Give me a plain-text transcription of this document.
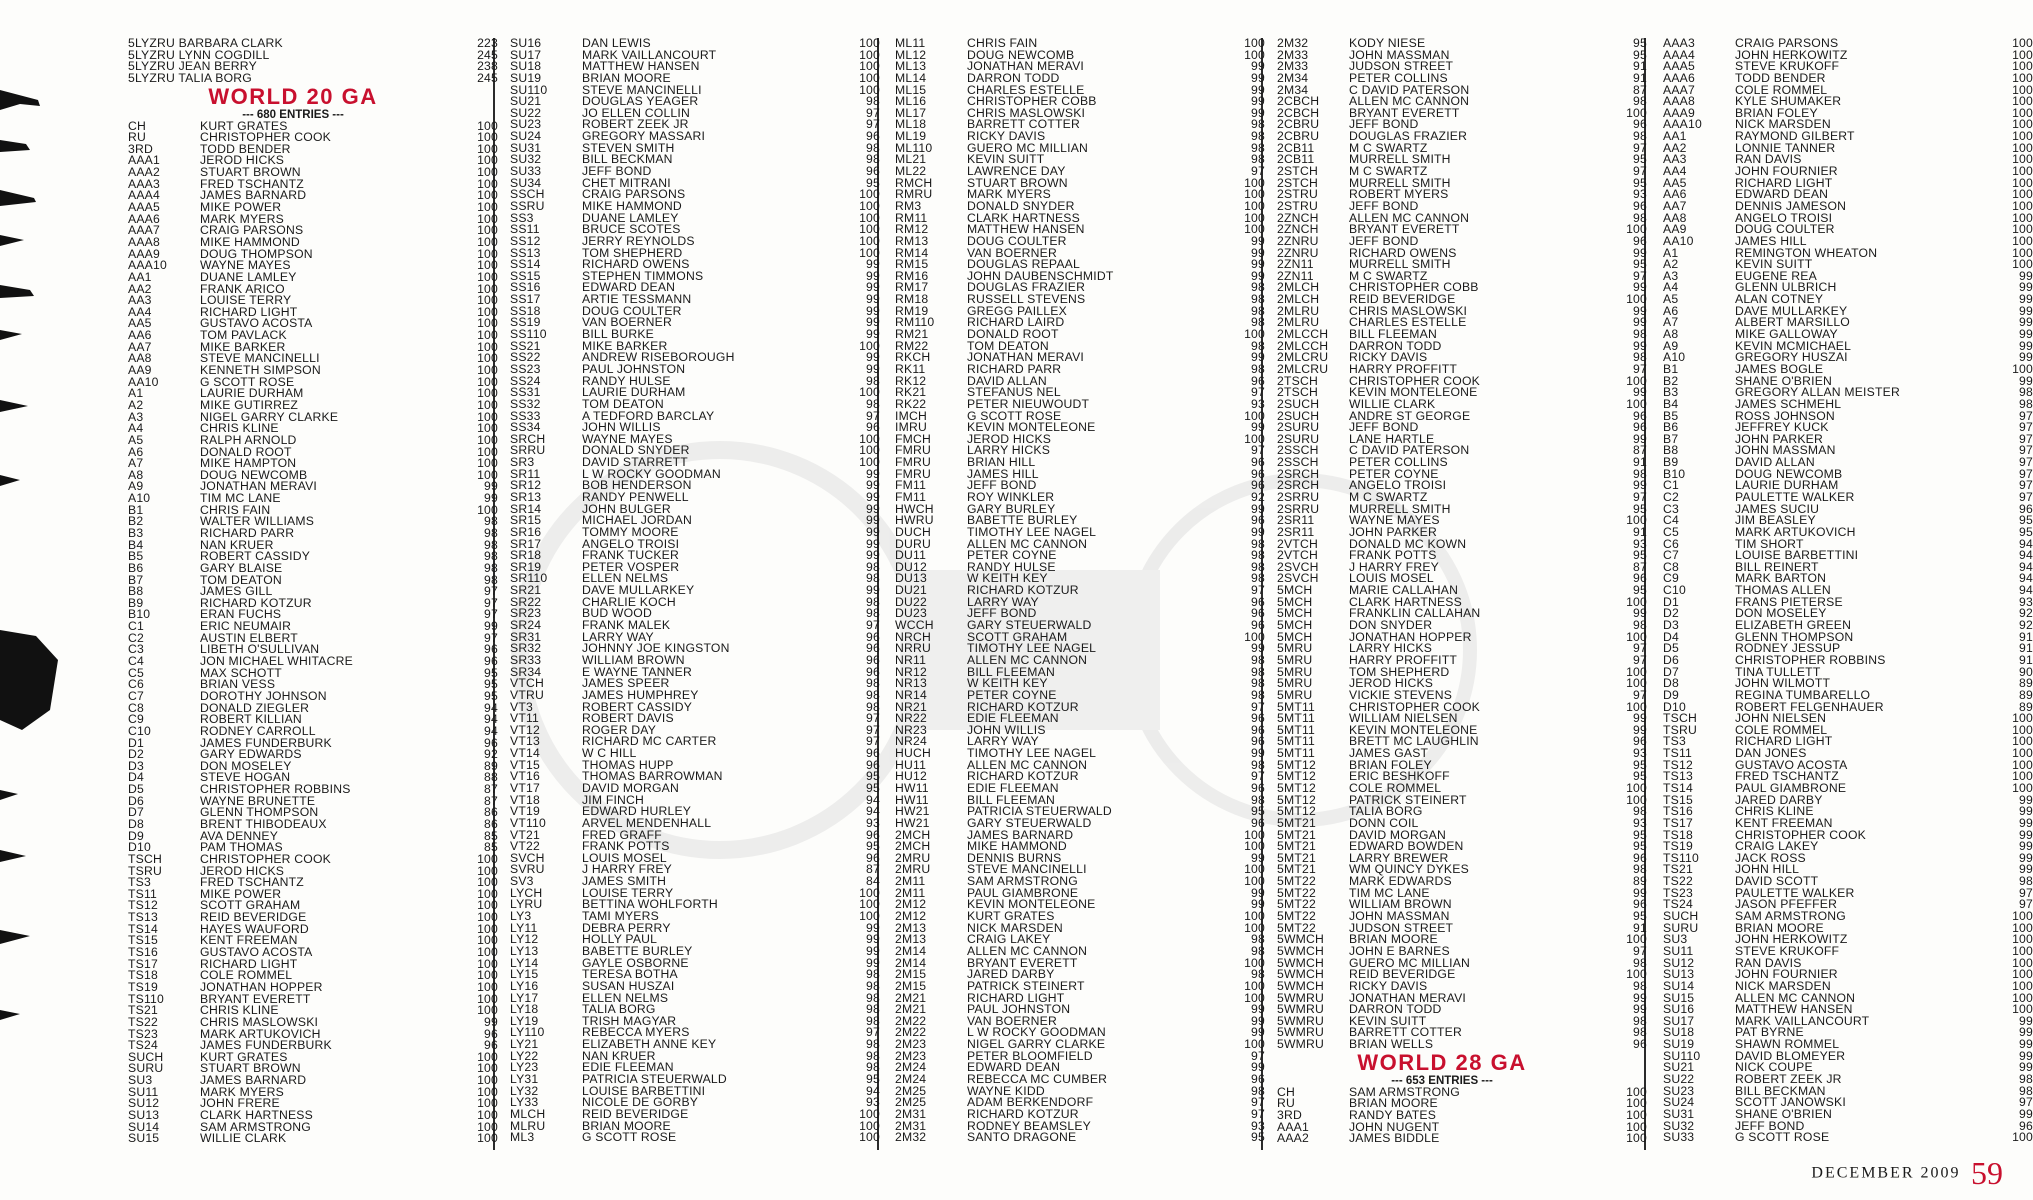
5LYZRU BARBARA CLARK	223
5LYZRU LYNN COGDILL	245
5LYZRU JEAN BERRY	238
5LYZRU TALIA BORG	245
WORLD 20 GA
--- 680 ENTRIES ---
CH	KURT GRATES	100
RU	CHRISTOPHER COOK	100
3RD	TODD BENDER	100
AAA1	JEROD HICKS	100
AAA2	STUART BROWN	100
AAA3	FRED TSCHANTZ	100
AAA4	JAMES BARNARD	100
AAA5	MIKE POWER	100
AAA6	MARK MYERS	100
AAA7	CRAIG PARSONS	100
AAA8	MIKE HAMMOND	100
AAA9	DOUG THOMPSON	100
AAA10	WAYNE MAYES	100
AA1	DUANE LAMLEY	100
AA2	FRANK ARICO	100
AA3	LOUISE TERRY	100
AA4	RICHARD LIGHT	100
AA5	GUSTAVO ACOSTA	100
AA6	TOM PAVLACK	100
AA7	MIKE BARKER	100
AA8	STEVE MANCINELLI	100
AA9	KENNETH SIMPSON	100
AA10	G SCOTT ROSE	100
A1	LAURIE DURHAM	100
A2	MIKE GUTIRREZ	100
A3	NIGEL GARRY CLARKE	100
A4	CHRIS KLINE	100
A5	RALPH ARNOLD	100
A6	DONALD ROOT	100
A7	MIKE HAMPTON	100
A8	DOUG NEWCOMB	100
A9	JONATHAN MERAVI	99
A10	TIM MC LANE	99
B1	CHRIS FAIN	100
B2	WALTER WILLIAMS	98
B3	RICHARD PARR	98
B4	NAN KRUER	98
B5	ROBERT CASSIDY	98
B6	GARY BLAISE	98
B7	TOM DEATON	98
B8	JAMES GILL	97
B9	RICHARD KOTZUR	97
B10	ERAN FUCHS	97
C1	ERIC NEUMAIR	99
C2	AUSTIN ELBERT	97
C3	LIBETH O'SULLIVAN	96
C4	JON MICHAEL WHITACRE	96
C5	MAX SCHOTT	95
C6	BRIAN VESS	95
C7	DOROTHY JOHNSON	95
C8	DONALD ZIEGLER	94
C9	ROBERT KILLIAN	94
C10	RODNEY CARROLL	94
D1	JAMES FUNDERBURK	96
D2	GARY EDWARDS	92
D3	DON MOSELEY	89
D4	STEVE HOGAN	88
D5	CHRISTOPHER ROBBINS	87
D6	WAYNE BRUNETTE	87
D7	GLENN THOMPSON	86
D8	BRENT THIBODEAUX	86
D9	AVA DENNEY	85
D10	PAM THOMAS	85
TSCH	CHRISTOPHER COOK	100
TSRU	JEROD HICKS	100
TS3	FRED TSCHANTZ	100
TS11	MIKE POWER	100
TS12	SCOTT GRAHAM	100
TS13	REID BEVERIDGE	100
TS14	HAYES WAUFORD	100
TS15	KENT FREEMAN	100
TS16	GUSTAVO ACOSTA	100
TS17	RICHARD LIGHT	100
TS18	COLE ROMMEL	100
TS19	JONATHAN HOPPER	100
TS110	BRYANT EVERETT	100
TS21	CHRIS KLINE	100
TS22	CHRIS MASLOWSKI	99
TS23	MARK ARTUKOVICH	96
TS24	JAMES FUNDERBURK	96
SUCH	KURT GRATES	100
SURU	STUART BROWN	100
SU3	JAMES BARNARD	100
SU11	MARK MYERS	100
SU12	JOHN FRERE	100
SU13	CLARK HARTNESS	100
SU14	SAM ARMSTRONG	100
SU15	WILLIE CLARK	100
SU16	DAN LEWIS	100
SU17	MARK VAILLANCOURT	100
SU18	MATTHEW HANSEN	100
SU19	BRIAN MOORE	100
SU110	STEVE MANCINELLI	100
SU21	DOUGLAS YEAGER	98
SU22	JO ELLEN COLLIN	97
SU23	ROBERT ZEEK JR	97
SU24	GREGORY MASSARI	96
SU31	STEVEN SMITH	98
SU32	BILL BECKMAN	98
SU33	JEFF BOND	96
SU34	CHET MITRANI	95
SSCH	CRAIG PARSONS	100
SSRU	MIKE HAMMOND	100
SS3	DUANE LAMLEY	100
SS11	BRUCE SCOTES	100
SS12	JERRY REYNOLDS	100
SS13	TOM SHEPHERD	100
SS14	RICHARD OWENS	99
SS15	STEPHEN TIMMONS	99
SS16	EDWARD DEAN	99
SS17	ARTIE TESSMANN	99
SS18	DOUG COULTER	99
SS19	VAN BOERNER	99
SS110	BILL BURKE	99
SS21	MIKE BARKER	100
SS22	ANDREW RISEBOROUGH	99
SS23	PAUL JOHNSTON	99
SS24	RANDY HULSE	98
SS31	LAURIE DURHAM	100
SS32	TOM DEATON	98
SS33	A TEDFORD BARCLAY	97
SS34	JOHN WILLIS	96
SRCH	WAYNE MAYES	100
SRRU	DONALD SNYDER	100
SR3	DAVID STARRETT	100
SR11	L W ROCKY GOODMAN	99
SR12	BOB HENDERSON	99
SR13	RANDY PENWELL	99
SR14	JOHN BULGER	99
SR15	MICHAEL JORDAN	99
SR16	TOMMY MOORE	99
SR17	ANGELO TROISI	99
SR18	FRANK TUCKER	99
SR19	PETER VOSPER	98
SR110	ELLEN NELMS	98
SR21	DAVE MULLARKEY	99
SR22	CHARLIE KOCH	98
SR23	BUD WOOD	98
SR24	FRANK MALEK	97
SR31	LARRY WAY	96
SR32	JOHNNY JOE KINGSTON	96
SR33	WILLIAM BROWN	96
SR34	E WAYNE TANNER	96
VTCH	JAMES SPEER	98
VTRU	JAMES HUMPHREY	98
VT3	ROBERT CASSIDY	98
VT11	ROBERT DAVIS	97
VT12	ROGER DAY	97
VT13	RICHARD MC CARTER	97
VT14	W C HILL	96
VT15	THOMAS HUPP	96
VT16	THOMAS BARROWMAN	95
VT17	DAVID MORGAN	95
VT18	JIM FINCH	94
VT19	EDWARD HURLEY	94
VT110	ARVEL MENDENHALL	93
VT21	FRED GRAFF	96
VT22	FRANK POTTS	95
SVCH	LOUIS MOSEL	96
SVRU	J HARRY FREY	87
SV3	JAMES SMITH	84
LYCH	LOUISE TERRY	100
LYRU	BETTINA WOHLFORTH	100
LY3	TAMI MYERS	100
LY11	DEBRA PERRY	99
LY12	HOLLY PAUL	99
LY13	BABETTE BURLEY	99
LY14	GAYLE OSBORNE	99
LY15	TERESA BOTHA	98
LY16	SUSAN HUSZAI	98
LY17	ELLEN NELMS	98
LY18	TALIA BORG	98
LY19	TRISH MAGYAR	98
LY110	REBECCA MYERS	97
LY21	ELIZABETH ANNE KEY	98
LY22	NAN KRUER	98
LY23	EDIE FLEEMAN	98
LY31	PATRICIA STEUERWALD	95
LY32	LOUISE BARBETTINI	94
LY33	NICOLE DE GORBY	93
MLCH	REID BEVERIDGE	100
MLRU	BRIAN MOORE	100
ML3	G SCOTT ROSE	100
ML11	CHRIS FAIN	100
ML12	DOUG NEWCOMB	100
ML13	JONATHAN MERAVI	99
ML14	DARRON TODD	99
ML15	CHARLES ESTELLE	99
ML16	CHRISTOPHER COBB	99
ML17	CHRIS MASLOWSKI	99
ML18	BARRETT COTTER	98
ML19	RICKY DAVIS	98
ML110	GUERO MC MILLIAN	98
ML21	KEVIN SUITT	98
ML22	LAWRENCE DAY	97
RMCH	STUART BROWN	100
RMRU	MARK MYERS	100
RM3	DONALD SNYDER	100
RM11	CLARK HARTNESS	100
RM12	MATTHEW HANSEN	100
RM13	DOUG COULTER	99
RM14	VAN BOERNER	99
RM15	DOUGLAS REPAAL	99
RM16	JOHN DAUBENSCHMIDT	99
RM17	DOUGLAS FRAZIER	98
RM18	RUSSELL STEVENS	98
RM19	GREGG PAILLEX	98
RM110	RICHARD LAIRD	98
RM21	DONALD ROOT	100
RM22	TOM DEATON	98
RKCH	JONATHAN MERAVI	99
RK11	RICHARD PARR	98
RK12	DAVID ALLAN	96
RK21	STEFANUS NEL	97
RK22	PETER NIEUWOUDT	93
IMCH	G SCOTT ROSE	100
IMRU	KEVIN MONTELEONE	99
FMCH	JEROD HICKS	100
FMRU	LARRY HICKS	97
FMRU	BRIAN HILL	96
FMRU	JAMES HILL	96
FM11	JEFF BOND	96
FM11	ROY WINKLER	92
HWCH	GARY BURLEY	99
HWRU	BABETTE BURLEY	96
DUCH	TIMOTHY LEE NAGEL	99
DURU	ALLEN MC CANNON	98
DU11	PETER COYNE	98
DU12	RANDY HULSE	98
DU13	W KEITH KEY	98
DU21	RICHARD KOTZUR	97
DU22	LARRY WAY	96
DU23	JEFF BOND	96
WCCH	GARY STEUERWALD	96
NRCH	SCOTT GRAHAM	100
NRRU	TIMOTHY LEE NAGEL	99
NR11	ALLEN MC CANNON	98
NR12	BILL FLEEMAN	98
NR13	W KEITH KEY	98
NR14	PETER COYNE	98
NR21	RICHARD KOTZUR	97
NR22	EDIE FLEEMAN	96
NR23	JOHN WILLIS	96
NR24	LARRY WAY	96
HUCH	TIMOTHY LEE NAGEL	99
HU11	ALLEN MC CANNON	98
HU12	RICHARD KOTZUR	97
HW11	EDIE FLEEMAN	96
HW11	BILL FLEEMAN	98
HW21	PATRICIA STEUERWALD	95
HW21	GARY STEUERWALD	96
2MCH	JAMES BARNARD	100
2MCH	MIKE HAMMOND	100
2MRU	DENNIS BURNS	99
2MRU	STEVE MANCINELLI	100
2M11	SAM ARMSTRONG	100
2M11	PAUL GIAMBRONE	99
2M12	KEVIN MONTELEONE	99
2M12	KURT GRATES	100
2M13	NICK MARSDEN	100
2M13	CRAIG LAKEY	98
2M14	ALLEN MC CANNON	98
2M14	BRYANT EVERETT	100
2M15	JARED DARBY	98
2M15	PATRICK STEINERT	100
2M21	RICHARD LIGHT	100
2M21	PAUL JOHNSTON	99
2M22	VAN BOERNER	99
2M22	L W ROCKY GOODMAN	99
2M23	NIGEL GARRY CLARKE	100
2M23	PETER BLOOMFIELD	97
2M24	EDWARD DEAN	99
2M24	REBECCA MC CUMBER	96
2M25	WAYNE KIDD	98
2M25	ADAM BERKENDORF	97
2M31	RICHARD KOTZUR	97
2M31	RODNEY BEAMSLEY	93
2M32	SANTO DRAGONE	95
2M32	KODY NIESE	95
2M33	JOHN MASSMAN	95
2M33	JUDSON STREET	91
2M34	PETER COLLINS	91
2M34	C DAVID PATERSON	87
2CBCH	ALLEN MC CANNON	98
2CBCH	BRYANT EVERETT	100
2CBRU	JEFF BOND	96
2CBRU	DOUGLAS FRAZIER	98
2CB11	M C SWARTZ	97
2CB11	MURRELL SMITH	95
2STCH	M C SWARTZ	97
2STCH	MURRELL SMITH	95
2STRU	ROBERT MYERS	93
2STRU	JEFF BOND	96
2ZNCH	ALLEN MC CANNON	98
2ZNCH	BRYANT EVERETT	100
2ZNRU	JEFF BOND	96
2ZNRU	RICHARD OWENS	99
2ZN11	MURRELL SMITH	95
2ZN11	M C SWARTZ	97
2MLCH	CHRISTOPHER COBB	99
2MLCH	REID BEVERIDGE	100
2MLRU	CHRIS MASLOWSKI	99
2MLRU	CHARLES ESTELLE	99
2MLCCH	BILL FLEEMAN	98
2MLCCH	DARRON TODD	99
2MLCRU	RICKY DAVIS	98
2MLCRU	HARRY PROFFITT	97
2TSCH	CHRISTOPHER COOK	100
2TSCH	KEVIN MONTELEONE	99
2SUCH	WILLIE CLARK	100
2SUCH	ANDRE ST GEORGE	96
2SURU	JEFF BOND	96
2SURU	LANE HARTLE	99
2SSCH	C DAVID PATERSON	87
2SSCH	PETER COLLINS	91
2SRCH	PETER COYNE	98
2SRCH	ANGELO TROISI	99
2SRRU	M C SWARTZ	97
2SRRU	MURRELL SMITH	95
2SR11	WAYNE MAYES	100
2SR11	JOHN PARKER	91
2VTCH	DONALD MC KOWN	93
2VTCH	FRANK POTTS	95
2SVCH	J HARRY FREY	87
2SVCH	LOUIS MOSEL	96
5MCH	MARIE CALLAHAN	95
5MCH	CLARK HARTNESS	100
5MCH	FRANKLIN CALLAHAN	99
5MCH	DON SNYDER	98
5MCH	JONATHAN HOPPER	100
5MRU	LARRY HICKS	97
5MRU	HARRY PROFFITT	97
5MRU	TOM SHEPHERD	100
5MRU	JEROD HICKS	100
5MRU	VICKIE STEVENS	97
5MT11	CHRISTOPHER COOK	100
5MT11	WILLIAM NIELSEN	99
5MT11	KEVIN MONTELEONE	99
5MT11	BRETT MC LAUGHLIN	96
5MT11	JAMES GAST	93
5MT12	BRIAN FOLEY	95
5MT12	ERIC BESHKOFF	95
5MT12	COLE ROMMEL	100
5MT12	PATRICK STEINERT	100
5MT12	TALIA BORG	98
5MT21	DONN COIL	93
5MT21	DAVID MORGAN	95
5MT21	EDWARD BOWDEN	95
5MT21	LARRY BREWER	96
5MT21	WM QUINCY DYKES	98
5MT22	MARK EDWARDS	89
5MT22	TIM MC LANE	99
5MT22	WILLIAM BROWN	96
5MT22	JOHN MASSMAN	95
5MT22	JUDSON STREET	91
5WMCH	BRIAN MOORE	100
5WMCH	JOHN E BARNES	97
5WMCH	GUERO MC MILLIAN	98
5WMCH	REID BEVERIDGE	100
5WMCH	RICKY DAVIS	98
5WMRU	JONATHAN MERAVI	99
5WMRU	DARRON TODD	99
5WMRU	KEVIN SUITT	98
5WMRU	BARRETT COTTER	98
5WMRU	BRIAN WELLS	96
WORLD 28 GA
--- 653 ENTRIES ---
CH	SAM ARMSTRONG	100
RU	BRIAN MOORE	100
3RD	RANDY BATES	100
AAA1	JOHN NUGENT	100
AAA2	JAMES BIDDLE	100
AAA3	CRAIG PARSONS	100
AAA4	JOHN HERKOWITZ	100
AAA5	STEVE KRUKOFF	100
AAA6	TODD BENDER	100
AAA7	COLE ROMMEL	100
AAA8	KYLE SHUMAKER	100
AAA9	BRIAN FOLEY	100
AAA10	NICK MARSDEN	100
AA1	RAYMOND GILBERT	100
AA2	LONNIE TANNER	100
AA3	RAN DAVIS	100
AA4	JOHN FOURNIER	100
AA5	RICHARD LIGHT	100
AA6	EDWARD DEAN	100
AA7	DENNIS JAMESON	100
AA8	ANGELO TROISI	100
AA9	DOUG COULTER	100
AA10	JAMES HILL	100
A1	REMINGTON WHEATON	100
A2	KEVIN SUITT	100
A3	EUGENE REA	99
A4	GLENN ULBRICH	99
A5	ALAN COTNEY	99
A6	DAVE MULLARKEY	99
A7	ALBERT MARSILLO	99
A8	MIKE GALLOWAY	99
A9	KEVIN MCMICHAEL	99
A10	GREGORY HUSZAI	99
B1	JAMES BOGLE	100
B2	SHANE O'BRIEN	99
B3	GREGORY ALLAN MEISTER	98
B4	JAMES SCHMEHL	98
B5	ROSS JOHNSON	97
B6	JEFFREY KUCK	97
B7	JOHN PARKER	97
B8	JOHN MASSMAN	97
B9	DAVID ALLAN	97
B10	DOUG NEWCOMB	97
C1	LAURIE DURHAM	97
C2	PAULETTE WALKER	97
C3	JAMES SUCIU	96
C4	JIM BEASLEY	95
C5	MARK ARTUKOVICH	95
C6	TIM SHORT	94
C7	LOUISE BARBETTINI	94
C8	BILL REINERT	94
C9	MARK BARTON	94
C10	THOMAS ALLEN	94
D1	FRANS PIETERSE	93
D2	DON MOSELEY	92
D3	ELIZABETH GREEN	92
D4	GLENN THOMPSON	91
D5	RODNEY JESSUP	91
D6	CHRISTOPHER ROBBINS	91
D7	TINA TULLETT	90
D8	JOHN WILMOTT	89
D9	REGINA TUMBARELLO	89
D10	ROBERT FELGENHAUER	89
TSCH	JOHN NIELSEN	100
TSRU	COLE ROMMEL	100
TS3	RICHARD LIGHT	100
TS11	DAN JONES	100
TS12	GUSTAVO ACOSTA	100
TS13	FRED TSCHANTZ	100
TS14	PAUL GIAMBRONE	100
TS15	JARED DARBY	99
TS16	CHRIS KLINE	99
TS17	KENT FREEMAN	99
TS18	CHRISTOPHER COOK	99
TS19	CRAIG LAKEY	99
TS110	JACK ROSS	99
TS21	JOHN HILL	99
TS22	DAVID SCOTT	98
TS23	PAULETTE WALKER	97
TS24	JASON PFEFFER	97
SUCH	SAM ARMSTRONG	100
SURU	BRIAN MOORE	100
SU3	JOHN HERKOWITZ	100
SU11	STEVE KRUKOFF	100
SU12	RAN DAVIS	100
SU13	JOHN FOURNIER	100
SU14	NICK MARSDEN	100
SU15	ALLEN MC CANNON	100
SU16	MATTHEW HANSEN	100
SU17	MARK VAILLANCOURT	99
SU18	PAT BYRNE	99
SU19	SHAWN ROMMEL	99
SU110	DAVID BLOMEYER	99
SU21	NICK COUPE	99
SU22	ROBERT ZEEK JR	98
SU23	BILL BECKMAN	98
SU24	SCOTT JANOWSKI	97
SU31	SHANE O'BRIEN	99
SU32	JEFF BOND	96
SU33	G SCOTT ROSE	100
DECEMBER 2009 59
